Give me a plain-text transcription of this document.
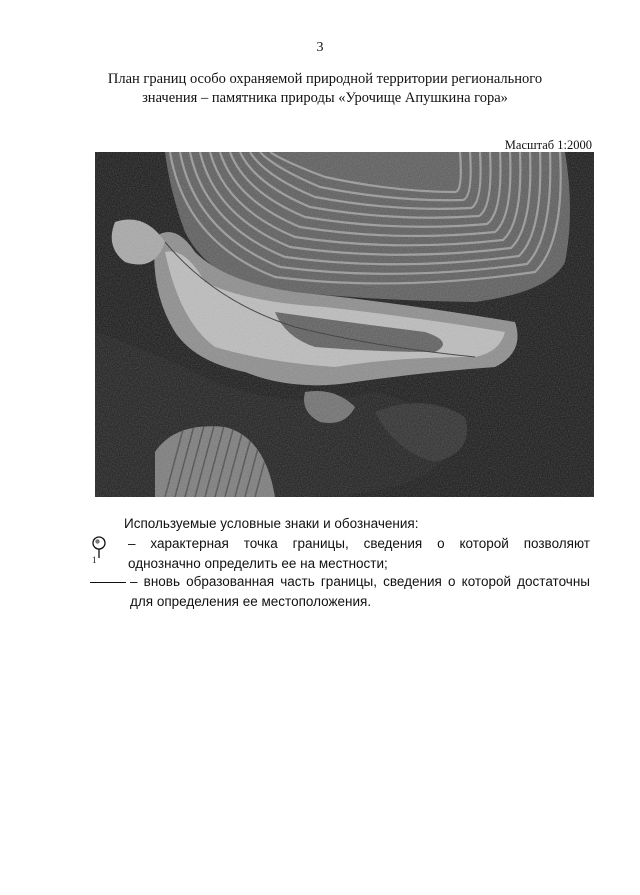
3
План границ особо охраняемой природной территории регионального
значения – памятника природы «Урочище Апушкина гора»
Масштаб 1:2000
Используемые условные знаки и обозначения:
1
– характерная точка границы, сведения о которой позволяют
однозначно определить ее на местности;
– вновь образованная часть границы, сведения о которой достаточны
для определения ее местоположения.
